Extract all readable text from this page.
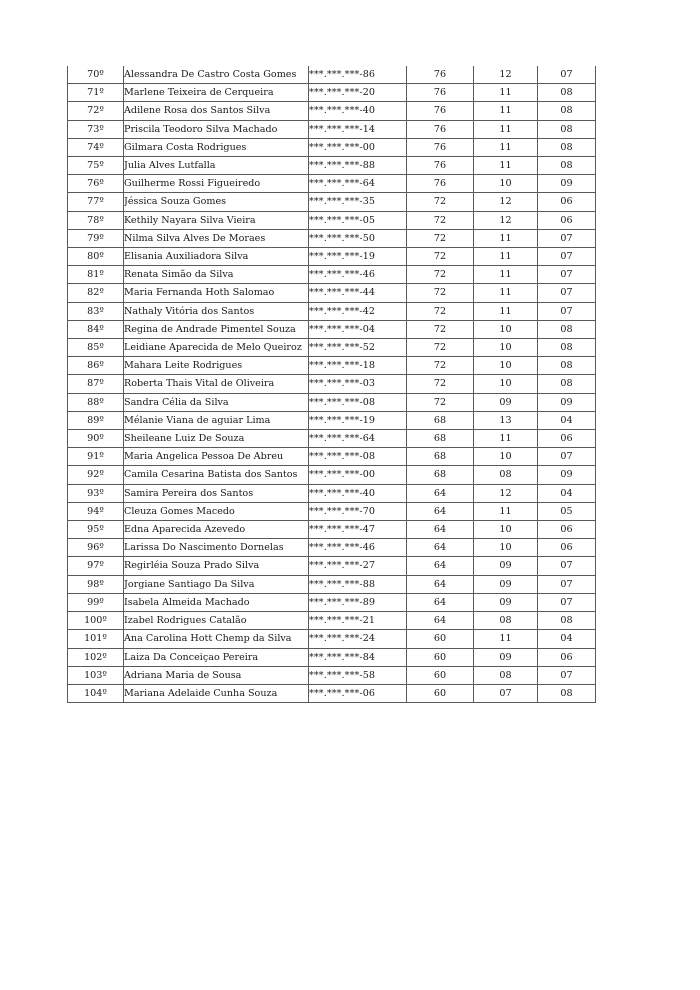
70º	Alessandra De Castro Costa Gomes	***.***.***-86	76	12	07
71º	Marlene Teixeira de Cerqueira	***.***.***-20	76	11	08
72º	Adilene Rosa dos Santos Silva	***.***.***-40	76	11	08
73º	Priscila Teodoro Silva Machado	***.***.***-14	76	11	08
74º	Gilmara Costa Rodrigues	***.***.***-00	76	11	08
75º	Julia Alves Lutfalla	***.***.***-88	76	11	08
76º	Guilherme Rossi Figueiredo	***.***.***-64	76	10	09
77º	Jéssica Souza Gomes	***.***.***-35	72	12	06
78º	Kethily Nayara Silva Vieira	***.***.***-05	72	12	06
79º	Nilma Silva Alves De Moraes	***.***.***-50	72	11	07
80º	Elisania Auxiliadora Silva	***.***.***-19	72	11	07
81º	Renata Simão da Silva	***.***.***-46	72	11	07
82º	Maria Fernanda Hoth Salomao	***.***.***-44	72	11	07
83º	Nathaly Vitória dos Santos	***.***.***-42	72	11	07
84º	Regina de Andrade Pimentel Souza	***.***.***-04	72	10	08
85º	Leidiane Aparecida de Melo Queiroz	***.***.***-52	72	10	08
86º	Mahara Leite Rodrigues	***.***.***-18	72	10	08
87º	Roberta Thais Vital de Oliveira	***.***.***-03	72	10	08
88º	Sandra Célia da Silva	***.***.***-08	72	09	09
89º	Mélanie Viana de aguiar Lima	***.***.***-19	68	13	04
90º	Sheileane Luiz De Souza	***.***.***-64	68	11	06
91º	Maria Angelica Pessoa De Abreu	***.***.***-08	68	10	07
92º	Camila Cesarina Batista dos Santos	***.***.***-00	68	08	09
93º	Samira Pereira dos Santos	***.***.***-40	64	12	04
94º	Cleuza Gomes Macedo	***.***.***-70	64	11	05
95º	Edna Aparecida Azevedo	***.***.***-47	64	10	06
96º	Larissa Do Nascimento Dornelas	***.***.***-46	64	10	06
97º	Regirléia Souza Prado Silva	***.***.***-27	64	09	07
98º	Jorgiane Santiago Da Silva	***.***.***-88	64	09	07
99º	Isabela Almeida Machado	***.***.***-89	64	09	07
100º	Izabel Rodrigues Catalão	***.***.***-21	64	08	08
101º	Ana Carolina Hott Chemp da Silva	***.***.***-24	60	11	04
102º	Laiza Da Conceiçao Pereira	***.***.***-84	60	09	06
103º	Adriana Maria de Sousa	***.***.***-58	60	08	07
104º	Mariana Adelaide Cunha Souza	***.***.***-06	60	07	08
